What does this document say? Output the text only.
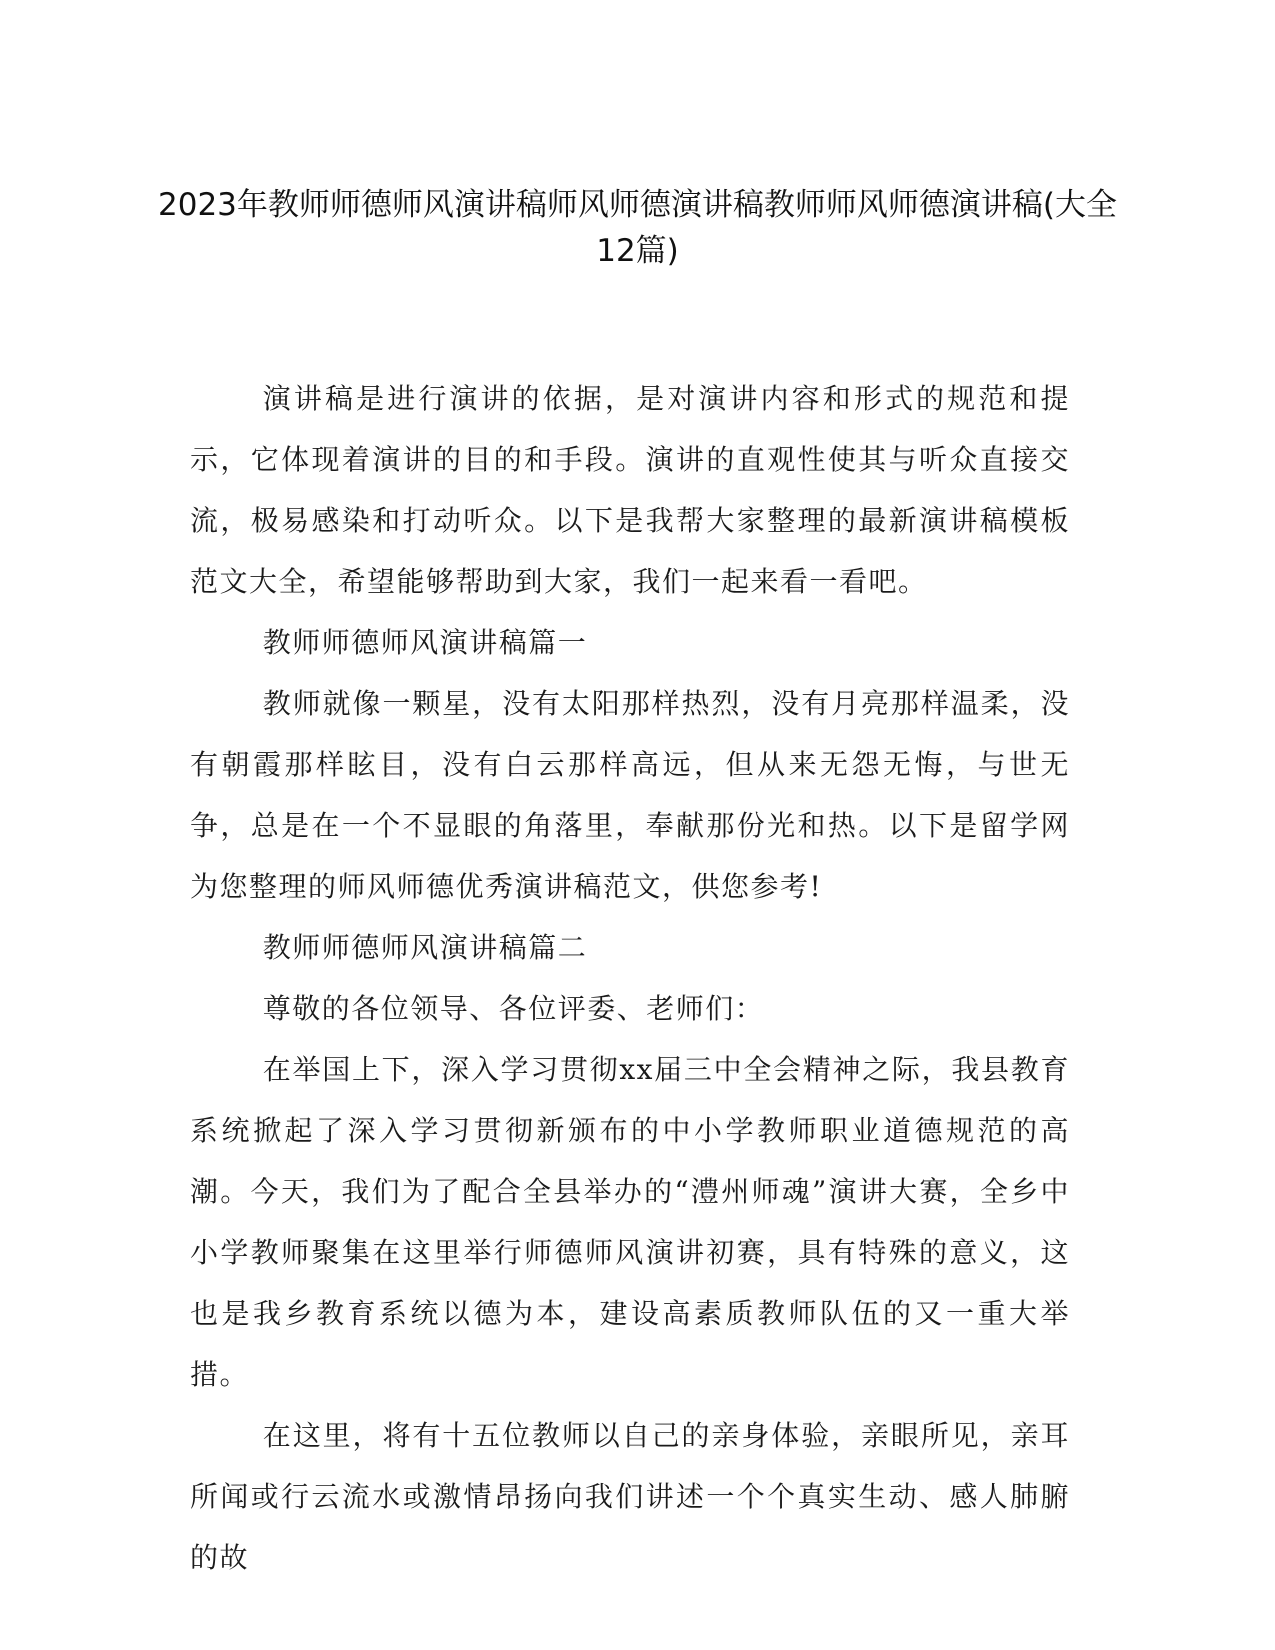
2023年教师师德师风演讲稿师风师德演讲稿教师师风师德演讲稿(大全12篇)

演讲稿是进行演讲的依据，是对演讲内容和形式的规范和提示，它体现着演讲的目的和手段。演讲的直观性使其与听众直接交流，极易感染和打动听众。以下是我帮大家整理的最新演讲稿模板范文大全，希望能够帮助到大家，我们一起来看一看吧。

教师师德师风演讲稿篇一

教师就像一颗星，没有太阳那样热烈，没有月亮那样温柔，没有朝霞那样眩目，没有白云那样高远，但从来无怨无悔，与世无争，总是在一个不显眼的角落里，奉献那份光和热。以下是留学网为您整理的师风师德优秀演讲稿范文，供您参考!

教师师德师风演讲稿篇二

尊敬的各位领导、各位评委、老师们：

在举国上下，深入学习贯彻xx届三中全会精神之际，我县教育系统掀起了深入学习贯彻新颁布的中小学教师职业道德规范的高潮。今天，我们为了配合全县举办的“澧州师魂”演讲大赛，全乡中小学教师聚集在这里举行师德师风演讲初赛，具有特殊的意义，这也是我乡教育系统以德为本，建设高素质教师队伍的又一重大举措。

在这里，将有十五位教师以自己的亲身体验，亲眼所见，亲耳所闻或行云流水或激情昂扬向我们讲述一个个真实生动、感人肺腑的故
